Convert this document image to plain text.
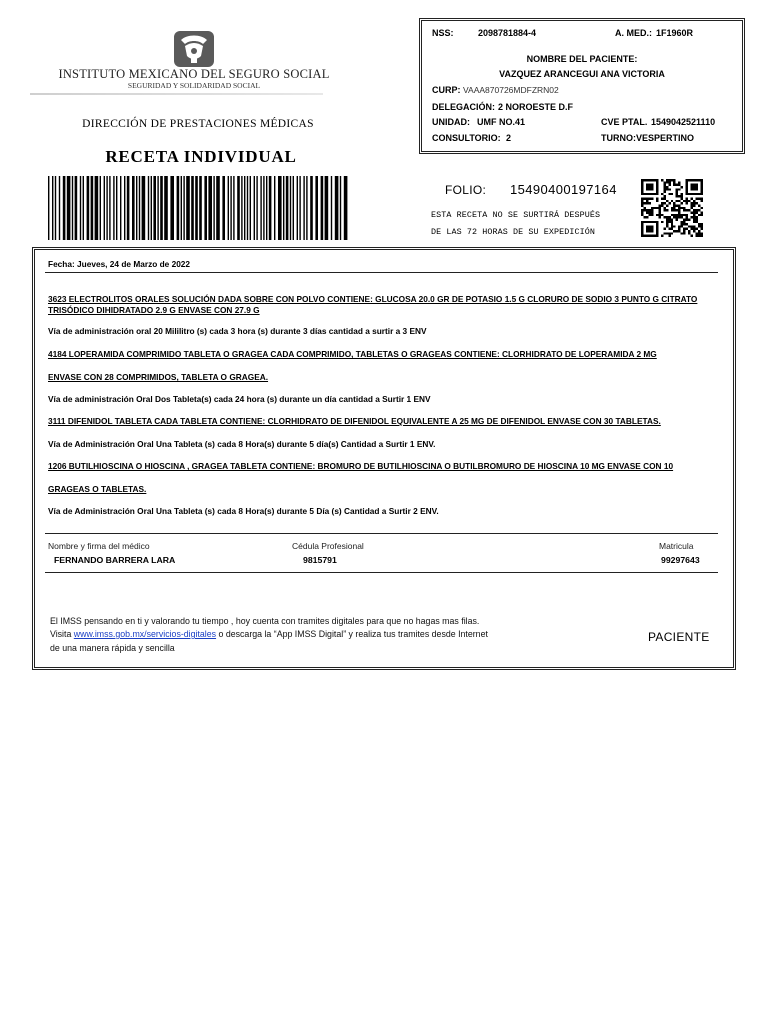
INSTITUTO MEXICANO DEL SEGURO SOCIAL
SEGURIDAD Y SOLIDARIDAD SOCIAL
DIRECCIÓN DE PRESTACIONES MÉDICAS
RECETA INDIVIDUAL
NSS:	2098781884-4	A. MED.: 1F1960R
NOMBRE DEL PACIENTE:
VAZQUEZ ARANCEGUI ANA VICTORIA
CURP: VAAA870726MDFZRN02
DELEGACIÓN: 2 NOROESTE D.F
UNIDAD: UMF NO.41	CVE PTAL. 1549042521110
CONSULTORIO: 2	TURNO: VESPERTINO
FOLIO: 15490400197164
ESTA RECETA NO SE SURTIRÁ DESPUÉS
DE LAS 72 HORAS DE SU EXPEDICIÓN
Fecha: Jueves, 24 de Marzo de 2022
3623 ELECTROLITOS ORALES SOLUCIÓN DADA SOBRE CON POLVO CONTIENE: GLUCOSA 20.0 GR DE POTASIO 1.5 G CLORURO DE SODIO 3 PUNTO G CITRATO TRISÓDICO DIHIDRATADO 2.9 G ENVASE CON 27.9 G
Vía de administración oral 20 Mililitro (s) cada 3 hora (s) durante 3 días cantidad a surtir a 3 ENV
4184 LOPERAMIDA COMPRIMIDO TABLETA O GRAGEA CADA COMPRIMIDO, TABLETAS O GRAGEAS CONTIENE: CLORHIDRATO DE LOPERAMIDA 2 MG
ENVASE CON 28 COMPRIMIDOS, TABLETA O GRAGEA.
Vía de administración Oral Dos Tableta(s) cada 24 hora (s) durante un día cantidad a Surtir 1 ENV
3111 DIFENIDOL TABLETA CADA TABLETA CONTIENE: CLORHIDRATO DE DIFENIDOL EQUIVALENTE A 25 MG DE DIFENIDOL ENVASE CON 30 TABLETAS.
Vía de Administración Oral Una Tableta (s) cada 8 Hora(s) durante 5 día(s) Cantidad a Surtir 1 ENV.
1206 BUTILHIOSCINA O HIOSCINA , GRAGEA TABLETA CONTIENE: BROMURO DE BUTILHIOSCINA O BUTILBROMURO DE HIOSCINA 10 MG ENVASE CON 10
GRAGEAS O TABLETAS.
Vía de Administración Oral Una Tableta (s) cada 8 Hora(s) durante 5 Día (s) Cantidad a Surtir 2 ENV.
Nombre y firma del médico	Cédula Profesional	Matricula
FERNANDO BARRERA LARA	9815791	99297643
El IMSS pensando en ti y valorando tu tiempo , hoy cuenta con tramites digitales para que no hagas mas filas.
Visita www.imss.gob.mx/servicios-digitales o descarga la “App IMSS Digital” y realiza tus tramites desde Internet
de una manera rápida y sencilla
PACIENTE
